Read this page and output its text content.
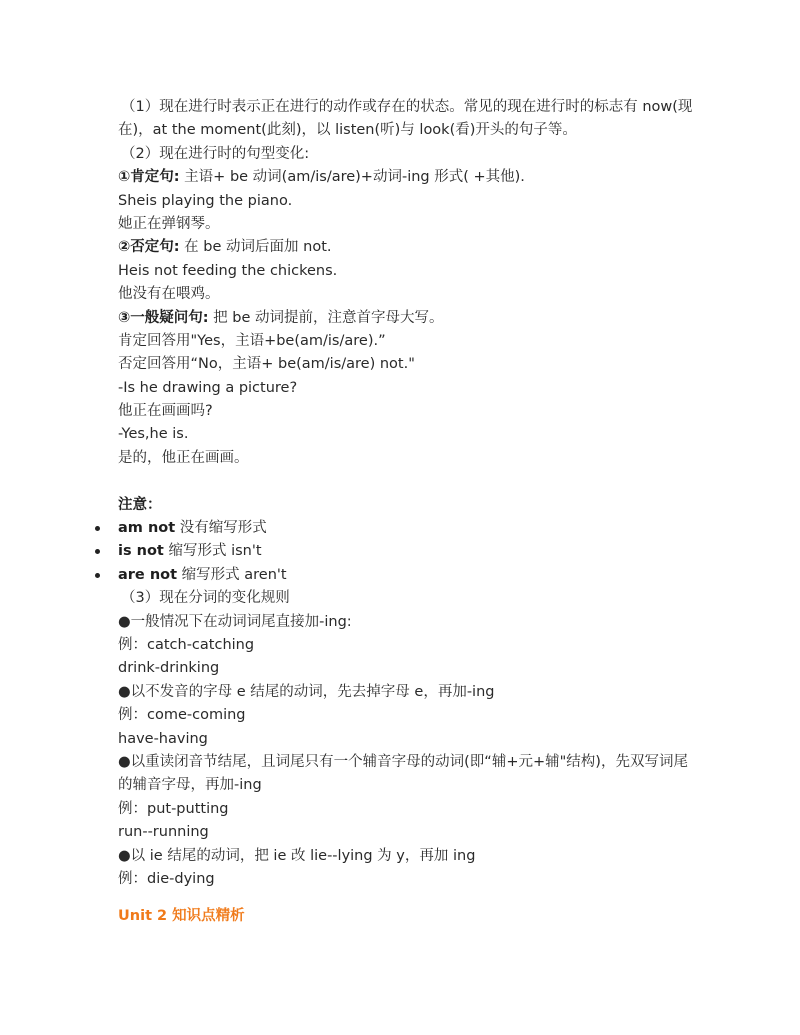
（1）现在进行时表示正在进行的动作或存在的状态。常见的现在进行时的标志有 now(现
在)，at the moment(此刻)，以 listen(听)与 look(看)开头的句子等。
（2）现在进行时的句型变化:
①肯定句: 主语+ be 动词(am/is/are)+动词-ing 形式( +其他).
Sheis playing the piano.
她正在弹钢琴。
②否定句: 在 be 动词后面加 not.
Heis not feeding the chickens.
他没有在喂鸡。
③一般疑问句: 把 be 动词提前，注意首字母大写。
肯定回答用"Yes，主语+be(am/is/are).”
否定回答用“No，主语+ be(am/is/are) not."
-Is he drawing a picture?
他正在画画吗?
-Yes,he is.
是的，他正在画画。
注意：
am not 没有缩写形式
is not 缩写形式 isn't
are not 缩写形式 aren't
（3）现在分词的变化规则
●一般情况下在动词词尾直接加-ing:
例：catch-catching
drink-drinking
●以不发音的字母 e 结尾的动词，先去掉字母 e，再加-ing
例：come-coming
have-having
●以重读闭音节结尾，且词尾只有一个辅音字母的动词(即“辅+元+辅"结构)，先双写词尾
的辅音字母，再加-ing
例：put-putting
run--running
●以 ie 结尾的动词，把 ie 改 lie--lying 为 y，再加 ing
例：die-dying
Unit 2 知识点精析
